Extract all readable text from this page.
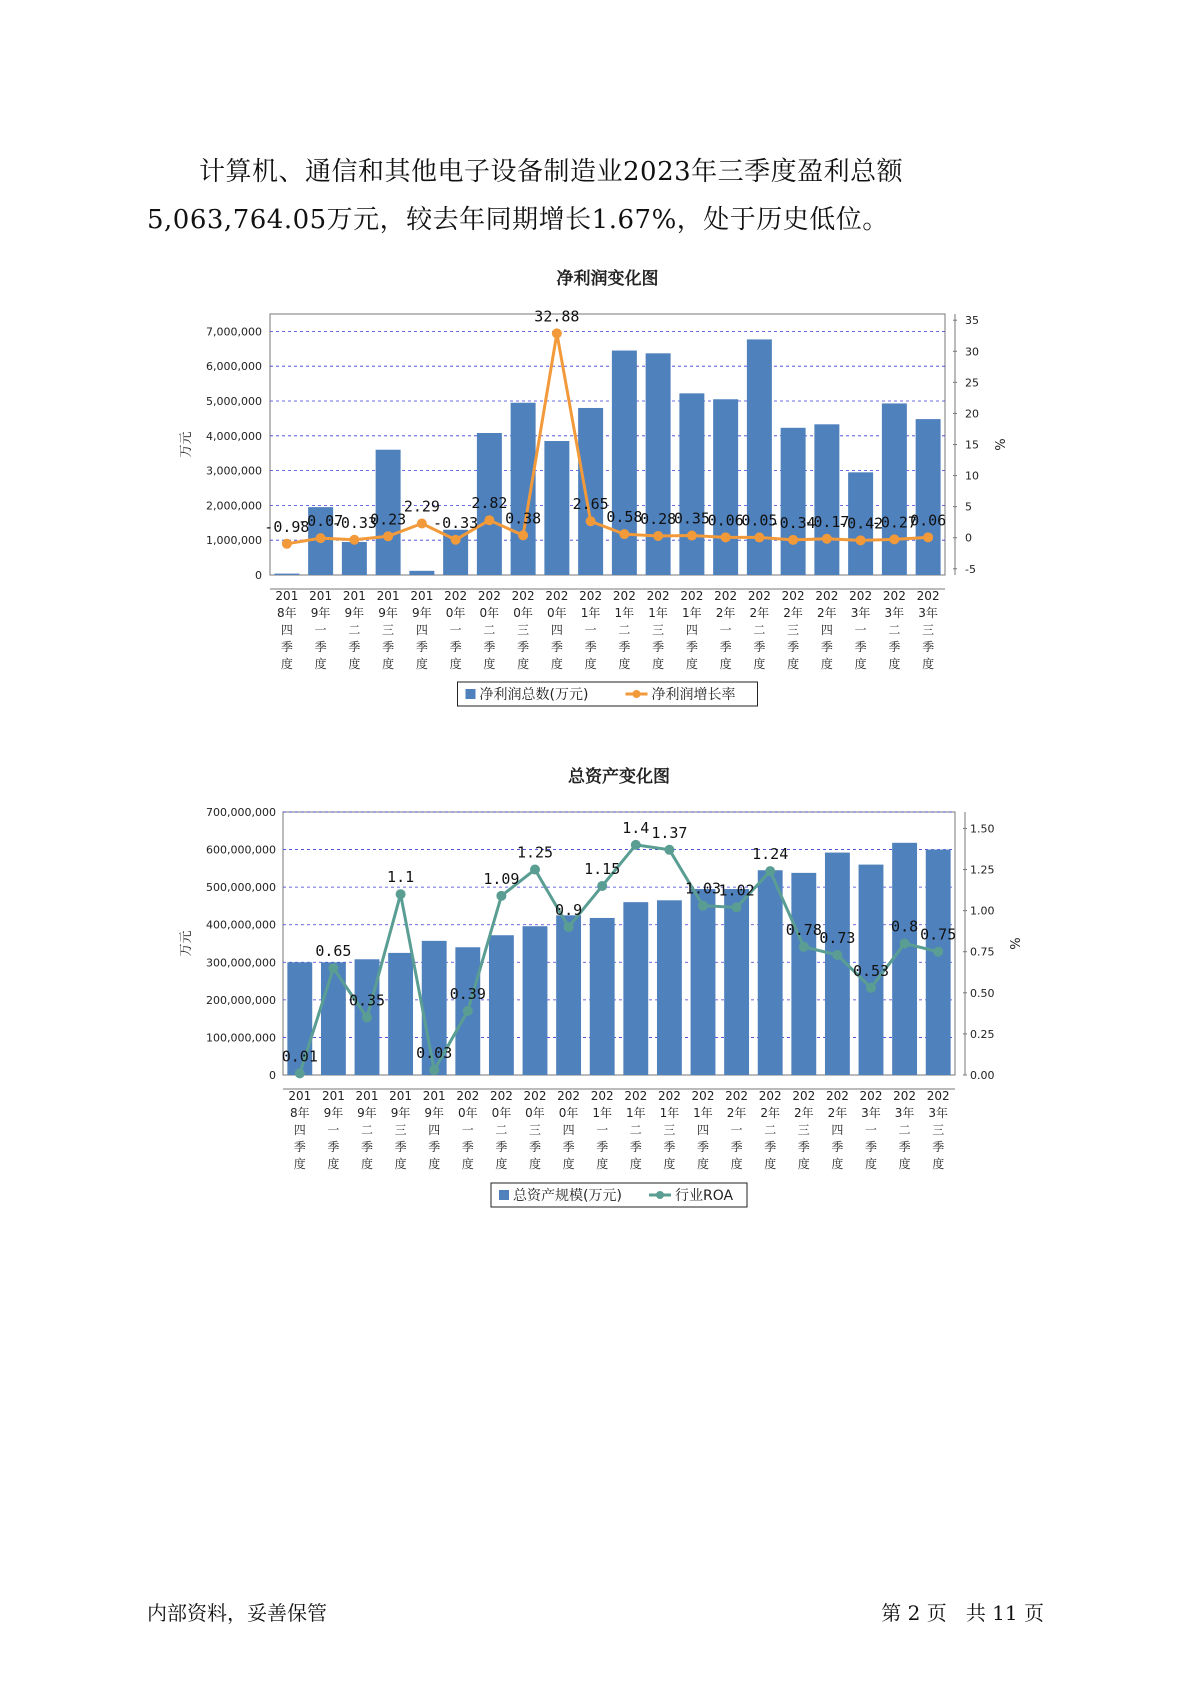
计算机、通信和其他电子设备制造业2023年三季度盈利总额
5,063,764.05万元，较去年同期增长1.67%，处于历史低位。

净利润变化图
0
1,000,000
2,000,000
3,000,000
4,000,000
5,000,000
6,000,000
7,000,000
-5
0
5
10
15
20
25
30
35
万元	%
201 8年四季度
201 9年一季度
201 9年二季度
201 9年三季度
201 9年四季度
202 0年一季度
202 0年二季度
202 0年三季度
202 0年四季度
202 1年一季度
202 1年二季度
202 1年三季度
202 1年四季度
202 2年一季度
202 2年二季度
202 2年三季度
202 2年四季度
202 3年一季度
202 3年二季度
202 3年三季度
-0.98
-0.07
-0.33
0.23
2.29
-0.33
2.82
0.38
32.88
2.65
0.58
0.28
0.35
0.06
0.05
-0.34
-0.17
-0.42
-0.27
0.06
净利润总数(万元)	净利润增长率
总资产变化图
0
100,000,000
200,000,000
300,000,000
400,000,000
500,000,000
600,000,000
700,000,000
0.00
0.25
0.50
0.75
1.00
1.25
1.50
万元	%
201 8年四季度
201 9年一季度
201 9年二季度
201 9年三季度
201 9年四季度
202 0年一季度
202 0年二季度
202 0年三季度
202 0年四季度
202 1年一季度
202 1年二季度
202 1年三季度
202 1年四季度
202 2年一季度
202 2年二季度
202 2年三季度
202 2年四季度
202 3年一季度
202 3年二季度
202 3年三季度
0.01
0.65
0.35
1.1
0.03
0.39
1.09
1.25
0.9
1.15
1.4 1.37
1.03
1.02
1.24
0.78
0.73
0.53
0.8 0.75
总资产规模(万元)	行业ROA
内部资料，妥善保管	第 2 页 共 11 页
